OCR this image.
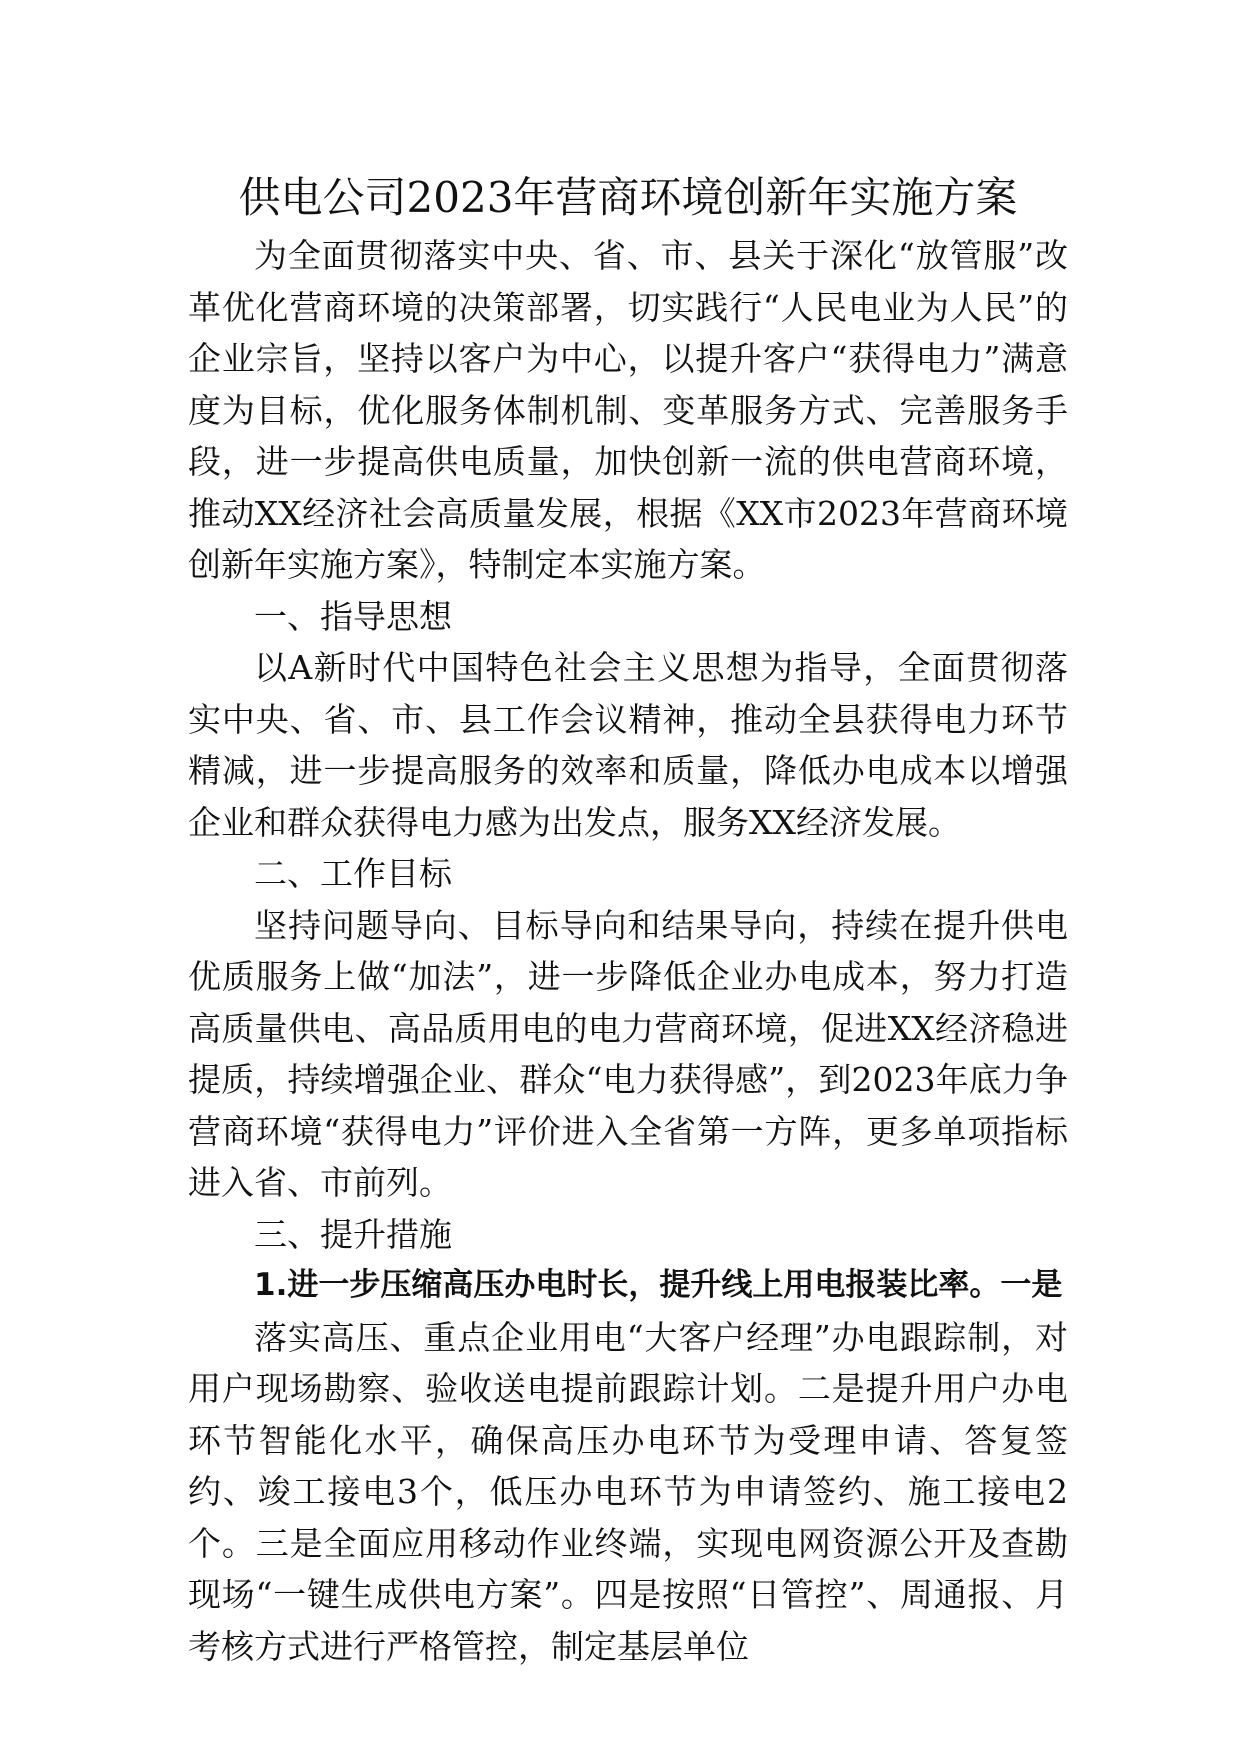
供电公司2023年营商环境创新年实施方案

为全面贯彻落实中央、省、市、县关于深化“放管服”改革优化营商环境的决策部署，切实践行“人民电业为人民”的企业宗旨，坚持以客户为中心，以提升客户“获得电力”满意度为目标，优化服务体制机制、变革服务方式、完善服务手段，进一步提高供电质量，加快创新一流的供电营商环境，推动XX经济社会高质量发展，根据《XX市2023年营商环境创新年实施方案》，特制定本实施方案。

一、指导思想

以A新时代中国特色社会主义思想为指导，全面贯彻落实中央、省、市、县工作会议精神，推动全县获得电力环节精减，进一步提高服务的效率和质量，降低办电成本以增强企业和群众获得电力感为出发点，服务XX经济发展。

二、工作目标

坚持问题导向、目标导向和结果导向，持续在提升供电优质服务上做“加法”，进一步降低企业办电成本，努力打造高质量供电、高品质用电的电力营商环境，促进XX经济稳进提质，持续增强企业、群众“电力获得感”，到2023年底力争营商环境“获得电力”评价进入全省第一方阵，更多单项指标进入省、市前列。

三、提升措施

1.进一步压缩高压办电时长，提升线上用电报装比率。一是

落实高压、重点企业用电“大客户经理”办电跟踪制，对用户现场勘察、验收送电提前跟踪计划。二是提升用户办电环节智能化水平，确保高压办电环节为受理申请、答复签约、竣工接电3个，低压办电环节为申请签约、施工接电2个。三是全面应用移动作业终端，实现电网资源公开及查勘现场“一键生成供电方案”。四是按照“日管控”、周通报、月考核方式进行严格管控，制定基层单位
